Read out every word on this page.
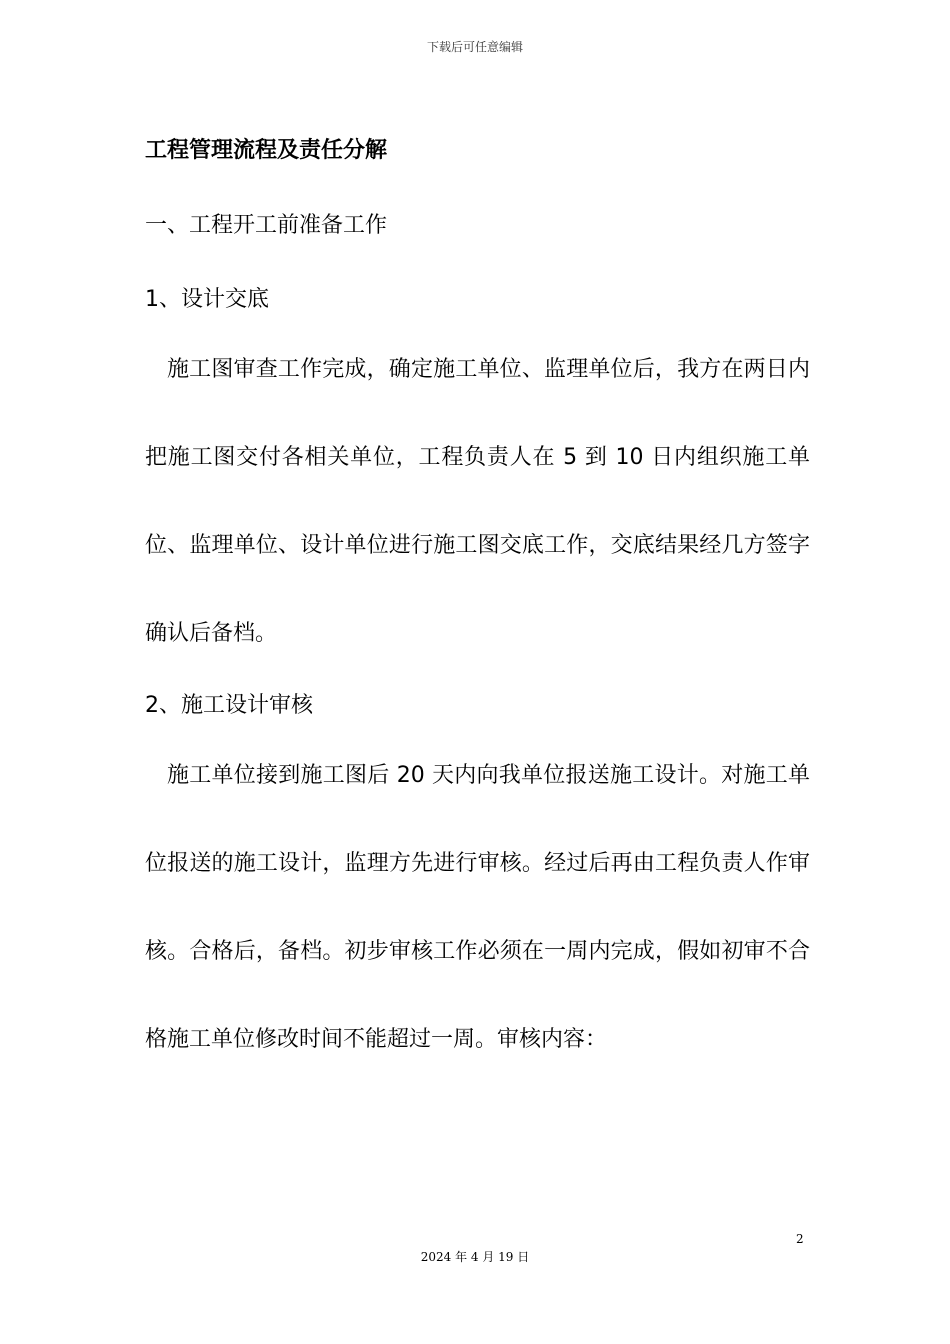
下载后可任意编辑
工程管理流程及责任分解
一、工程开工前准备工作
1、设计交底
施工图审查工作完成，确定施工单位、监理单位后，我方在两日内把施工图交付各相关单位，工程负责人在 5 到 10 日内组织施工单位、监理单位、设计单位进行施工图交底工作，交底结果经几方签字确认后备档。
2、施工设计审核
施工单位接到施工图后 20 天内向我单位报送施工设计。对施工单位报送的施工设计，监理方先进行审核。经过后再由工程负责人作审核。合格后，备档。初步审核工作必须在一周内完成，假如初审不合格施工单位修改时间不能超过一周。审核内容：
2
2024 年 4 月 19 日
